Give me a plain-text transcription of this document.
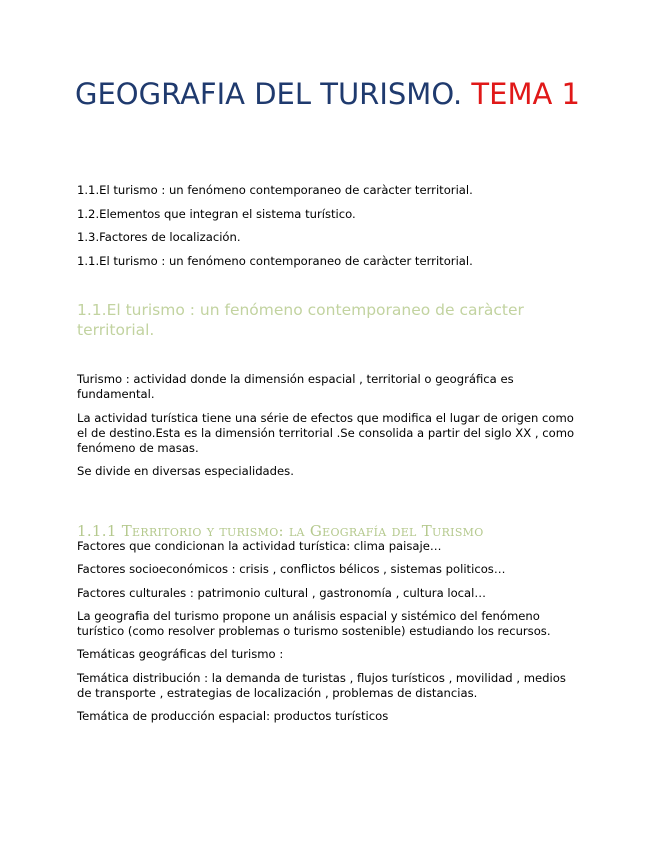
GEOGRAFIA DEL TURISMO. TEMA 1
1.1.El turismo : un fenómeno contemporaneo de caràcter territorial.
1.2.Elementos que integran el sistema turístico.
1.3.Factores de localización.
1.1.El turismo : un fenómeno contemporaneo de caràcter territorial.
1.1.El turismo : un fenómeno contemporaneo de caràcter territorial.

Turismo : actividad donde la dimensión espacial , territorial o geográfica es fundamental.

La actividad turística tiene una série de efectos que modifica el lugar de origen como el de destino.Esta es la dimensión territorial .Se consolida a partir del siglo XX , como fenómeno de masas.

Se divide en diversas especialidades.

1.1.1 Territorio y turismo: la Geografía del Turismo

Factores que condicionan la actividad turística: clima paisaje…

Factores socioeconómicos : crisis , conflictos bélicos , sistemas politicos…

Factores culturales : patrimonio cultural , gastronomía , cultura local…

La geografia del turismo propone un análisis espacial y sistémico del fenómeno turístico (como resolver problemas o turismo sostenible) estudiando los recursos.

Temáticas geográficas del turismo :

Temática distribución : la demanda de turistas , flujos turísticos , movilidad , medios de transporte , estrategias de localización , problemas de distancias.

Temática de producción espacial: productos turísticos
